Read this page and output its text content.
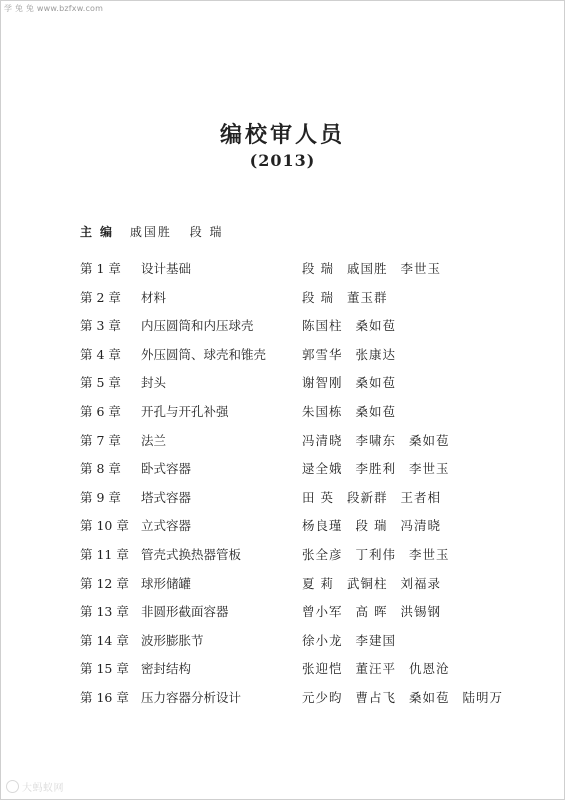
学 兔 兔 www.bzfxw.com
编校审人员
(2013)
主编 戚国胜 段 瑞
第 1 章	设计基础	段 瑞 戚国胜 李世玉
第 2 章	材料	段 瑞 董玉群
第 3 章	内压圆筒和内压球壳	陈国柱 桑如苞
第 4 章	外压圆筒、球壳和锥壳	郭雪华 张康达
第 5 章	封头	谢智刚 桑如苞
第 6 章	开孔与开孔补强	朱国栋 桑如苞
第 7 章	法兰	冯清晓 李啸东 桑如苞
第 8 章	卧式容器	逯全娥 李胜利 李世玉
第 9 章	塔式容器	田 英 段新群 王者相
第 10 章 立式容器	杨良瑾 段 瑞 冯清晓
第 11 章 管壳式换热器管板	张全彦 丁利伟 李世玉
第 12 章 球形储罐	夏 莉 武铜柱 刘福录
第 13 章 非圆形截面容器	曾小军 高 晖 洪锡钢
第 14 章 波形膨胀节	徐小龙 李建国
第 15 章 密封结构	张迎恺 董汪平 仇恩沧
第 16 章 压力容器分析设计	元少昀 曹占飞 桑如苞 陆明万
大蚂蚁网
